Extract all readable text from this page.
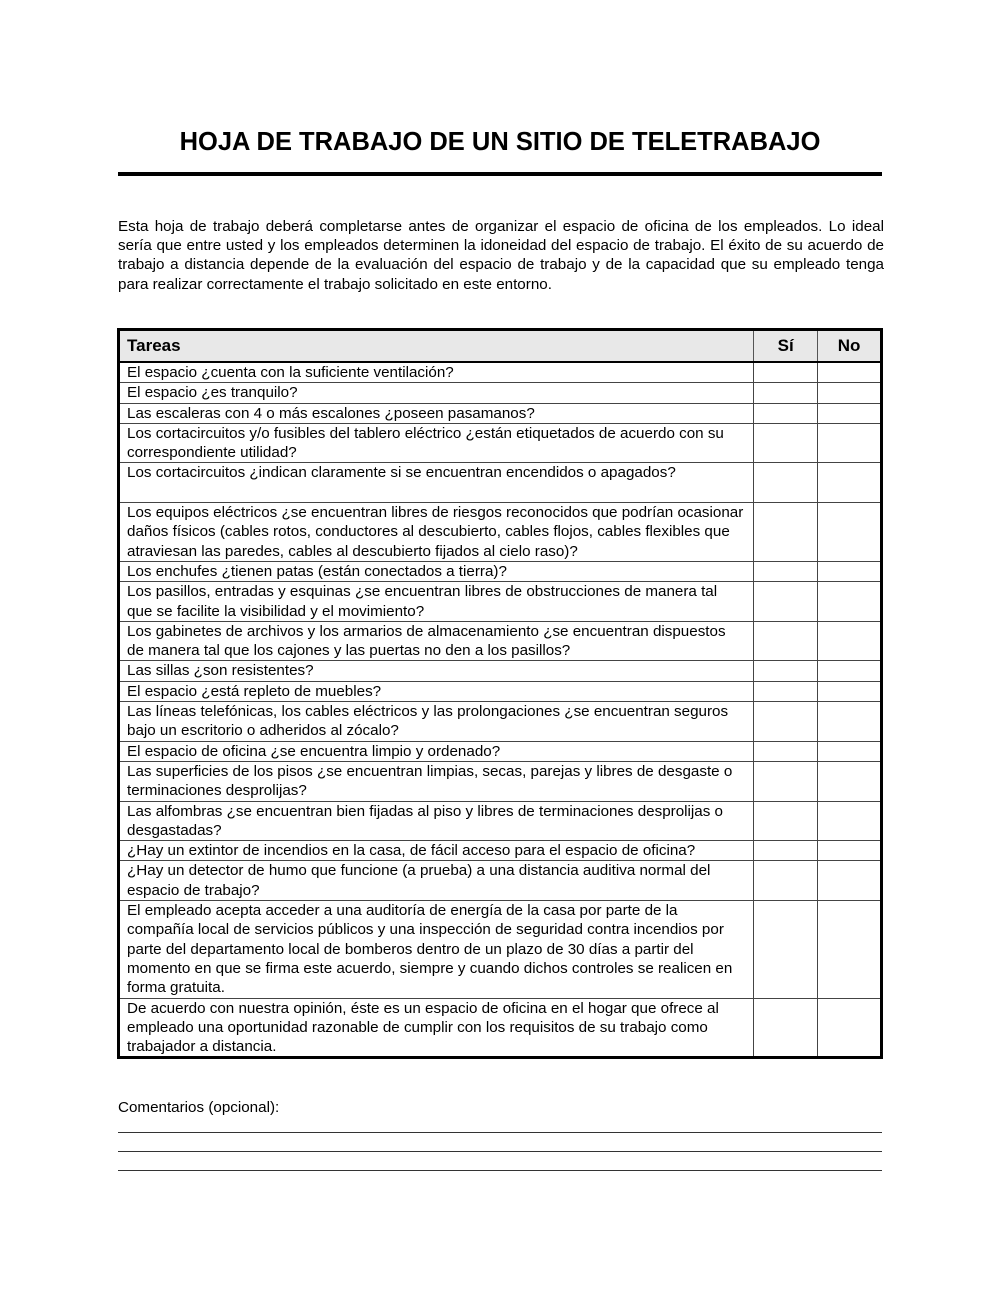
HOJA DE TRABAJO DE UN SITIO DE TELETRABAJO

Esta hoja de trabajo deberá completarse antes de organizar el espacio de oficina de los empleados. Lo ideal sería que entre usted y los empleados determinen la idoneidad del espacio de trabajo. El éxito de su acuerdo de trabajo a distancia depende de la evaluación del espacio de trabajo y de la capacidad que su empleado tenga para realizar correctamente el trabajo solicitado en este entorno.

Tareas	Sí	No
El espacio ¿cuenta con la suficiente ventilación?		
El espacio ¿es tranquilo?		
Las escaleras con 4 o más escalones ¿poseen pasamanos?		
Los cortacircuitos y/o fusibles del tablero eléctrico ¿están etiquetados de acuerdo con su correspondiente utilidad?		

Los cortacircuitos ¿indican claramente si se encuentran encendidos o apagados?		

Los equipos eléctricos ¿se encuentran libres de riesgos reconocidos que podrían ocasionar daños físicos (cables rotos, conductores al descubierto, cables flojos, cables flexibles que atraviesan las paredes, cables al descubierto fijados al cielo raso)?		
Los enchufes ¿tienen patas (están conectados a tierra)?		
Los pasillos, entradas y esquinas ¿se encuentran libres de obstrucciones de manera tal que se facilite la visibilidad y el movimiento?		
Los gabinetes de archivos y los armarios de almacenamiento ¿se encuentran dispuestos de manera tal que los cajones y las puertas no den a los pasillos?		
Las sillas ¿son resistentes?		
El espacio ¿está repleto de muebles?		
Las líneas telefónicas, los cables eléctricos y las prolongaciones ¿se encuentran seguros bajo un escritorio o adheridos al zócalo?		
El espacio de oficina ¿se encuentra limpio y ordenado?		
Las superficies de los pisos ¿se encuentran limpias, secas, parejas y libres de desgaste o terminaciones desprolijas?		
Las alfombras ¿se encuentran bien fijadas al piso y libres de terminaciones desprolijas o desgastadas?		
¿Hay un extintor de incendios en la casa, de fácil acceso para el espacio de oficina?		
¿Hay un detector de humo que funcione (a prueba) a una distancia auditiva normal del espacio de trabajo?		
El empleado acepta acceder a una auditoría de energía de la casa por parte de la compañía local de servicios públicos y una inspección de seguridad contra incendios por parte del departamento local de bomberos dentro de un plazo de 30 días a partir del momento en que se firma este acuerdo, siempre y cuando dichos controles se realicen en forma gratuita.		
De acuerdo con nuestra opinión, éste es un espacio de oficina en el hogar que ofrece al empleado una oportunidad razonable de cumplir con los requisitos de su trabajo como trabajador a distancia.		
Comentarios (opcional):
